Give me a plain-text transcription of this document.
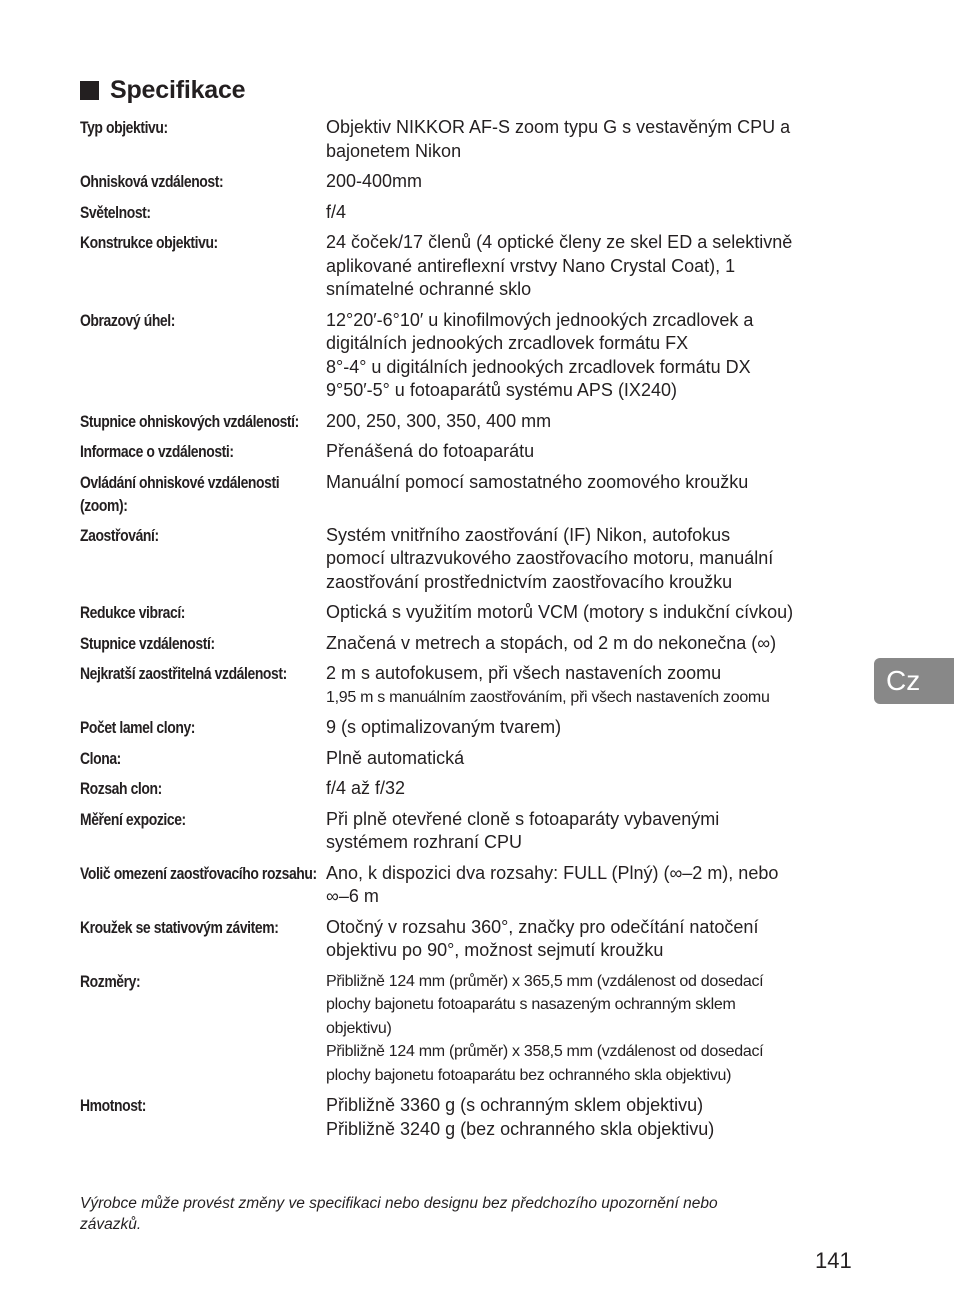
Specifikace
Typ objektivu:	Objektiv NIKKOR AF-S zoom typu G s vestavěným CPU a
bajonetem Nikon
Ohnisková vzdálenost:	200-400mm
Světelnost:	f/4
Konstrukce objektivu:	24 čoček/17 členů (4 optické členy ze skel ED a selektivně
aplikované antireflexní vrstvy Nano Crystal Coat), 1
snímatelné ochranné sklo
Obrazový úhel:	12°20′-6°10′ u kinofilmových jednookých zrcadlovek a
digitálních jednookých zrcadlovek formátu FX
8°-4° u digitálních jednookých zrcadlovek formátu DX
9°50′-5° u fotoaparátů systému APS (IX240)
Stupnice ohniskových vzdáleností:	200, 250, 300, 350, 400 mm
Informace o vzdálenosti:	Přenášená do fotoaparátu
Ovládání ohniskové vzdálenosti (zoom):
Manuální pomocí samostatného zoomového kroužku
Zaostřování:	Systém vnitřního zaostřování (IF) Nikon, autofokus
pomocí ultrazvukového zaostřovacího motoru, manuální
zaostřování prostřednictvím zaostřovacího kroužku
Redukce vibrací:	Optická s využitím motorů VCM (motory s indukční cívkou)
Stupnice vzdáleností:	Značená v metrech a stopách, od 2 m do nekonečna (∞)
Nejkratší zaostřitelná vzdálenost:	2 m s autofokusem, při všech nastaveních zoomu
1,95 m s manuálním zaostřováním, při všech nastaveních zoomu
Počet lamel clony:	9 (s optimalizovaným tvarem)
Clona:	Plně automatická
Rozsah clon:	f/4 až f/32
Měření expozice:	Při plně otevřené cloně s fotoaparáty vybavenými
systémem rozhraní CPU
Volič omezení zaostřovacího rozsahu: Ano, k dispozici dva rozsahy: FULL (Plný) (∞–2 m), nebo
∞–6 m
Kroužek se stativovým závitem:	Otočný v rozsahu 360°, značky pro odečítání natočení
objektivu po 90°, možnost sejmutí kroužku
Rozměry:	Přibližně 124 mm (průměr) x 365,5 mm (vzdálenost od dosedací
plochy bajonetu fotoaparátu s nasazeným ochranným sklem
objektivu)
Přibližně 124 mm (průměr) x 358,5 mm (vzdálenost od dosedací
plochy bajonetu fotoaparátu bez ochranného skla objektivu)
Hmotnost:	Přibližně 3360 g (s ochranným sklem objektivu)
Přibližně 3240 g (bez ochranného skla objektivu)
Výrobce může provést změny ve specifikaci nebo designu bez předchozího upozornění nebo závazků.
Cz
141
